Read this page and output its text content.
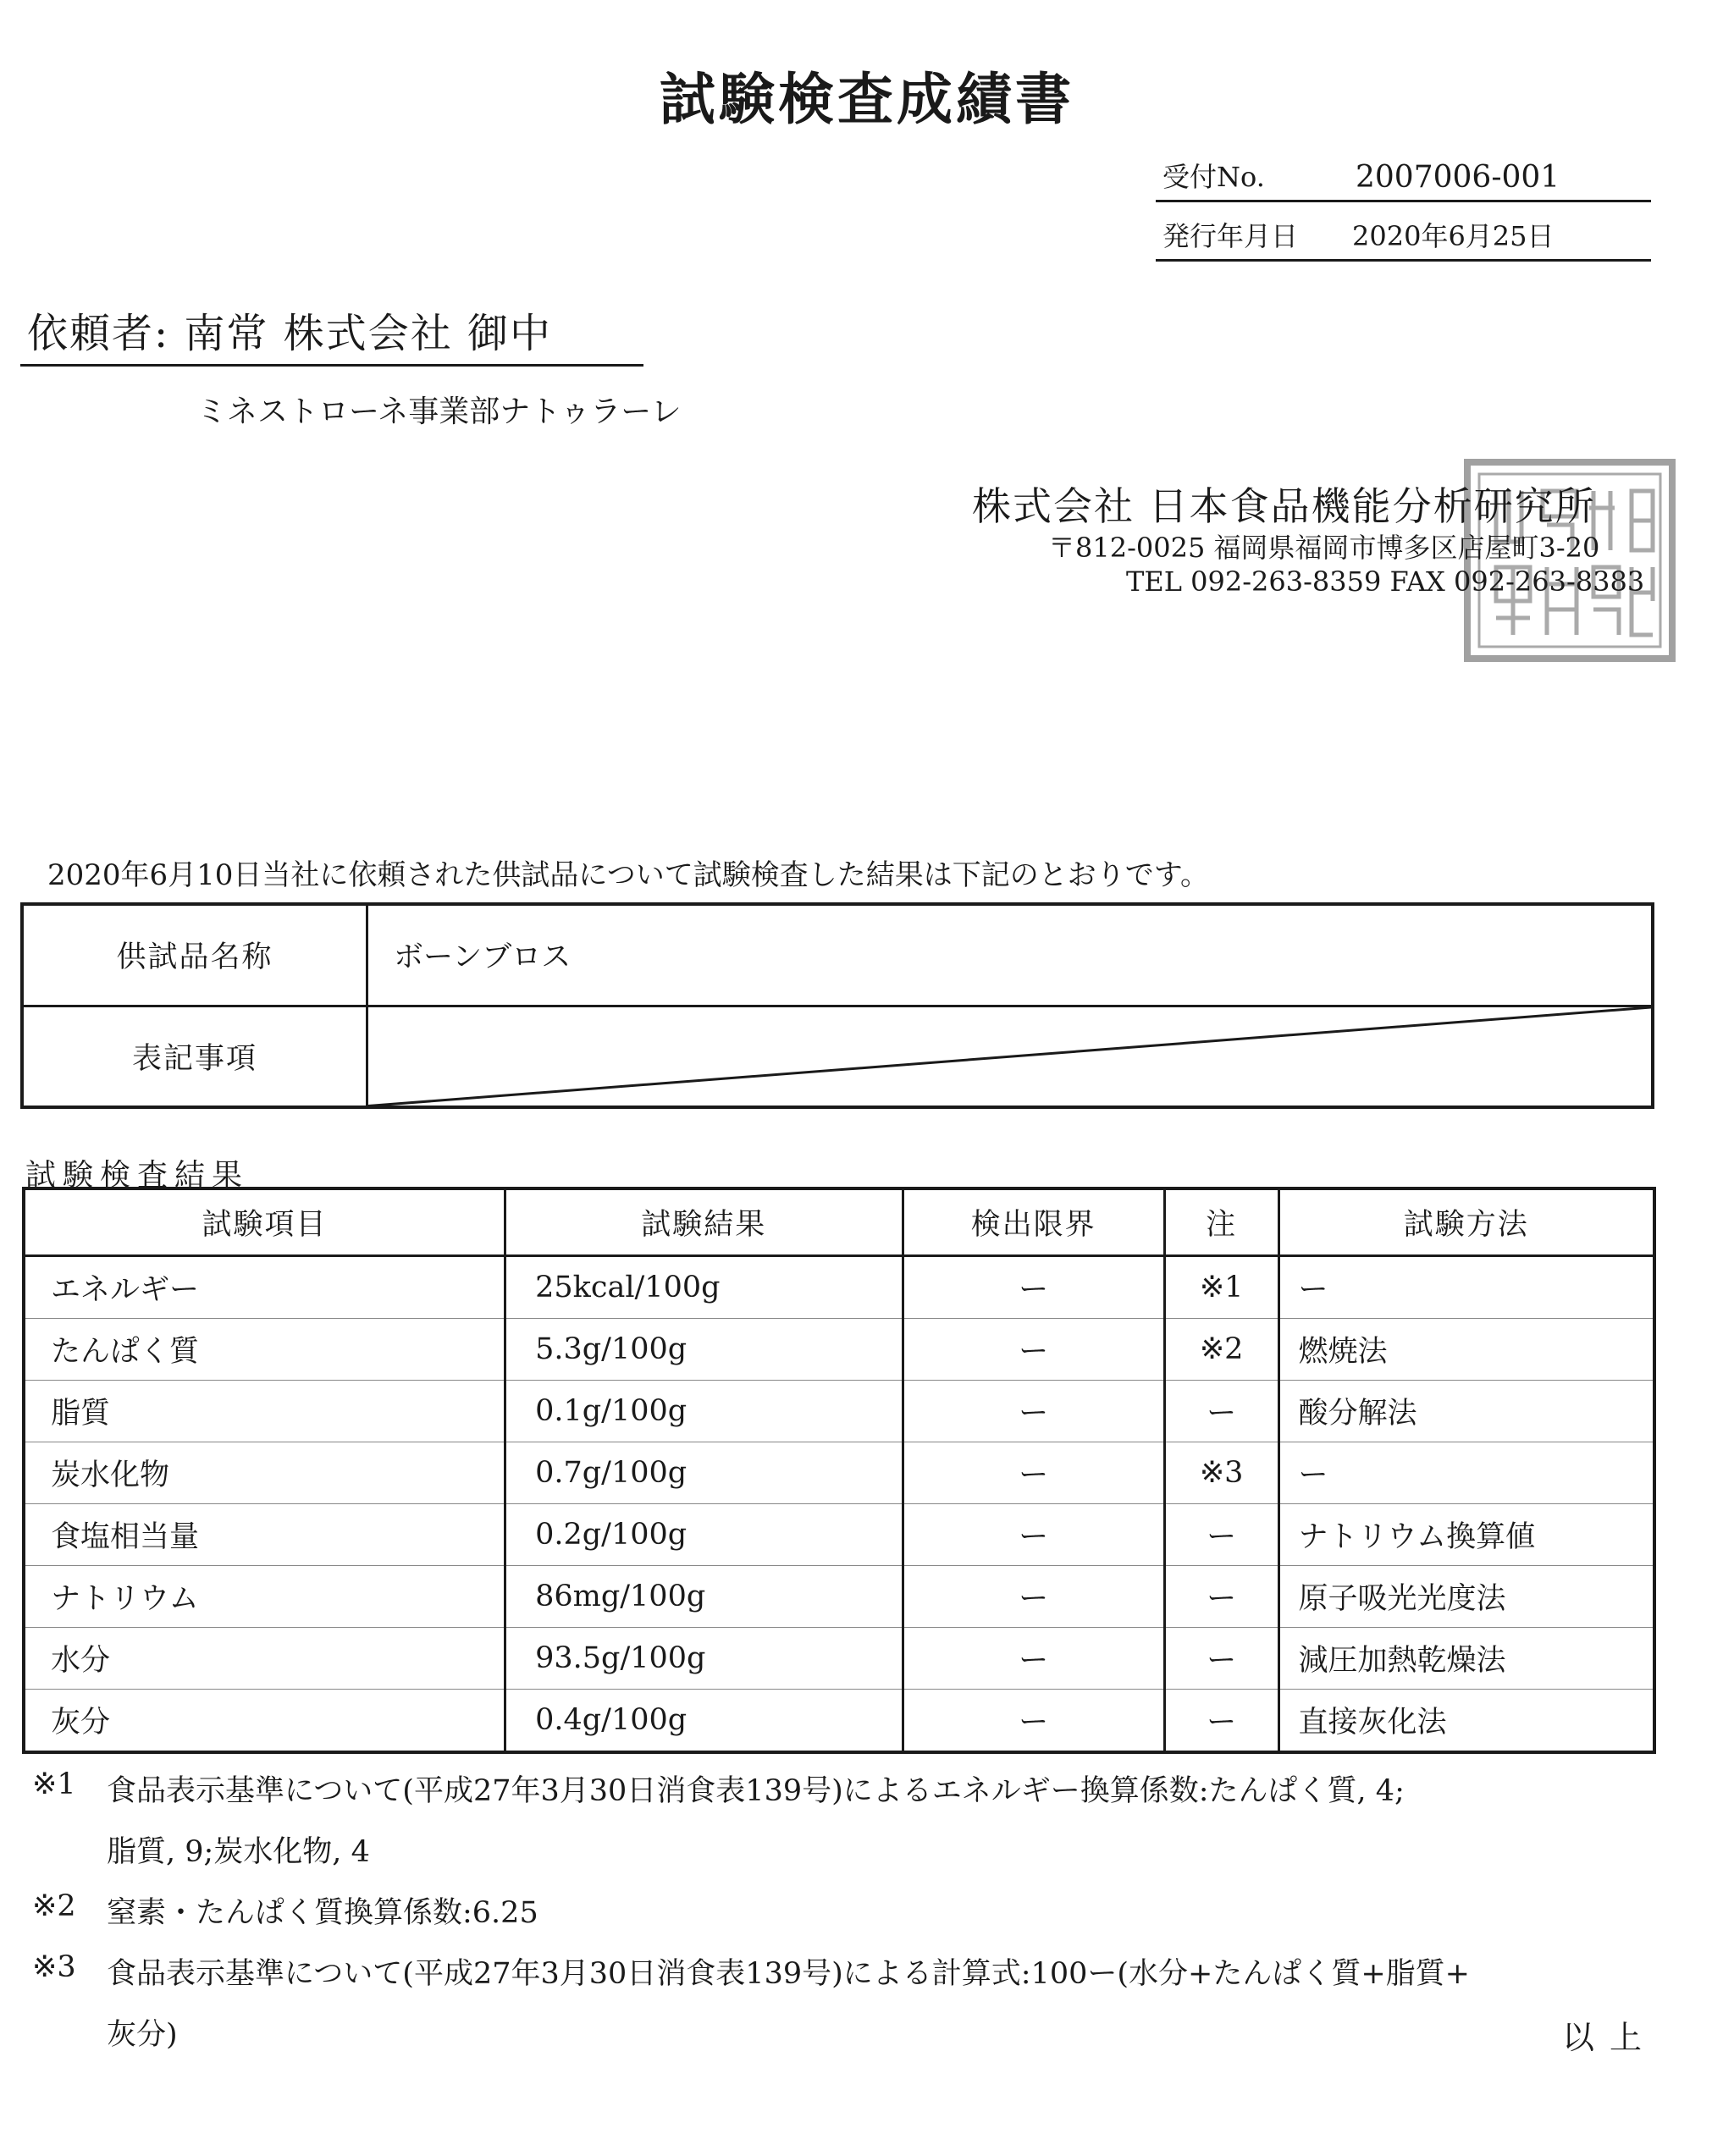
試験検査成績書
受付No.	2007006-001
発行年月日 2020年6月25日
依頼者: 南常 株式会社 御中
ミネストローネ事業部ナトゥラーレ
株式会社 日本食品機能分析研究所
〒812-0025 福岡県福岡市博多区店屋町3-20
TEL 092-263-8359 FAX 092-263-8383
2020年6月10日当社に依頼された供試品について試験検査した結果は下記のとおりです。
供試品名称	ボーンブロス
表記事項	
試験検査結果
試験項目	試験結果	検出限界	注	試験方法
エネルギー	25kcal/100g	ー	※1	ー
たんぱく質	5.3g/100g	ー	※2	燃焼法
脂質	0.1g/100g	ー	ー	酸分解法
炭水化物	0.7g/100g	ー	※3	ー
食塩相当量	0.2g/100g	ー	ー	ナトリウム換算値
ナトリウム	86mg/100g	ー	ー	原子吸光光度法
水分	93.5g/100g	ー	ー	減圧加熱乾燥法
灰分	0.4g/100g	ー	ー	直接灰化法
※1 食品表示基準について(平成27年3月30日消食表139号)によるエネルギー換算係数:たんぱく質, 4;
脂質, 9;炭水化物, 4
※2 窒素・たんぱく質換算係数:6.25
※3 食品表示基準について(平成27年3月30日消食表139号)による計算式:100ー(水分+たんぱく質+脂質+
灰分)	以上
